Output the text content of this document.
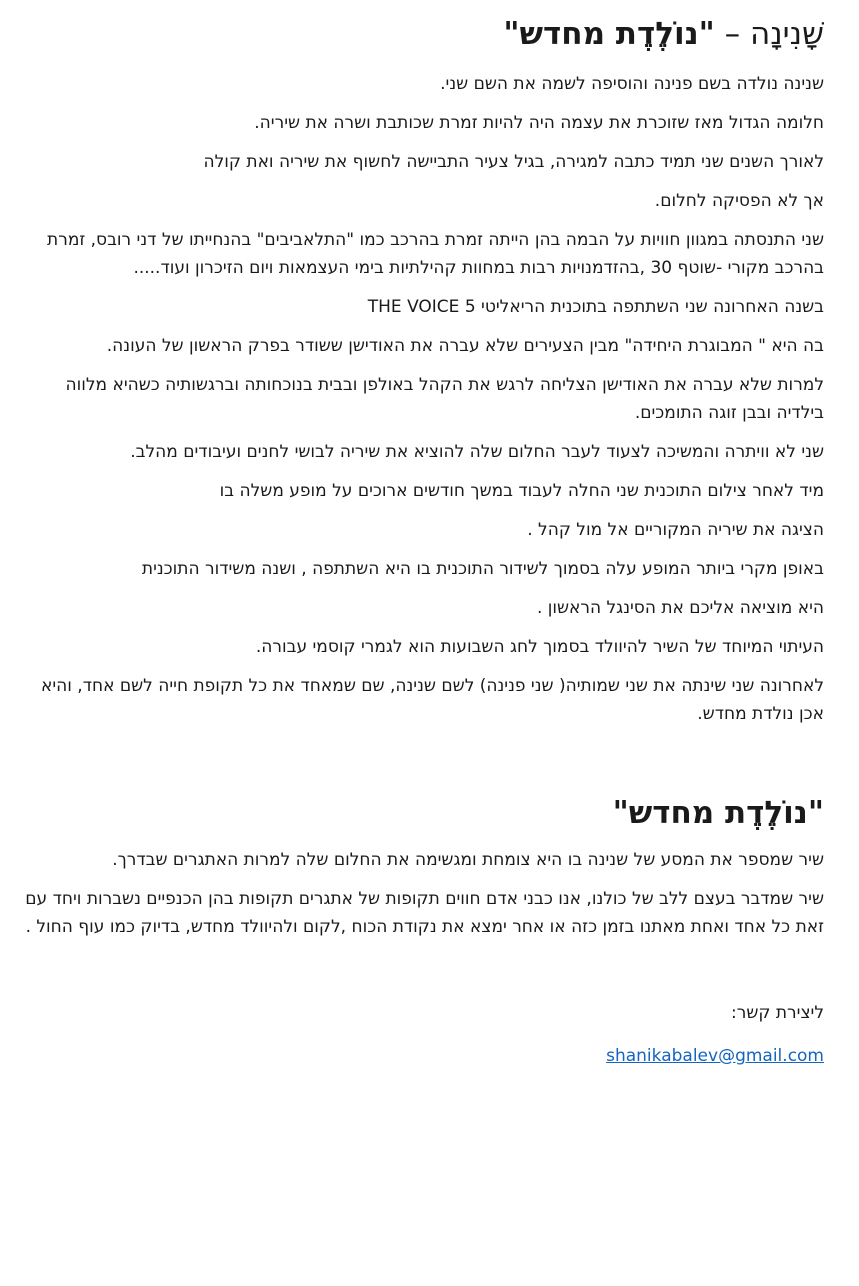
שָׁנִינָה – "נוֹלֶדֶת מחדש"

שנינה נולדה בשם פנינה והוסיפה לשמה את השם שני.

חלומה הגדול מאז שזוכרת את עצמה היה להיות זמרת שכותבת ושרה את שיריה.

לאורך השנים שני תמיד כתבה למגירה, בגיל צעיר התביישה לחשוף את שיריה ואת קולה

אך לא הפסיקה לחלום.

שני התנסתה במגוון חוויות על הבמה בהן הייתה זמרת בהרכב כמו "התלאביבים" בהנחייתו של דני רובס, זמרת בהרכב מקורי -שוטף 30 ,בהזדמנויות רבות במחוות קהילתיות בימי העצמאות ויום הזיכרון ועוד.....

בשנה האחרונה שני השתתפה בתוכנית הריאליטי THE VOICE 5

בה היא " המבוגרת היחידה" מבין הצעירים שלא עברה את האודישן ששודר בפרק הראשון של העונה.

למרות שלא עברה את האודישן הצליחה לרגש את הקהל באולפן ובבית בנוכחותה וברגשותיה כשהיא מלווה בילדיה ובבן זוגה התומכים.

שני לא וויתרה והמשיכה לצעוד לעבר החלום שלה להוציא את שיריה לבושי לחנים ועיבודים מהלב.

מיד לאחר צילום התוכנית שני החלה לעבוד במשך חודשים ארוכים על מופע משלה בו

הציגה את שיריה המקוריים אל מול קהל .

באופן מקרי ביותר המופע עלה בסמוך לשידור התוכנית בו היא השתתפה , ושנה משידור התוכנית

היא מוציאה אליכם את הסינגל הראשון .

העיתוי המיוחד של השיר להיוולד בסמוך לחג השבועות הוא לגמרי קוסמי עבורה.

לאחרונה שני שינתה את שני שמותיה( שני פנינה) לשם שנינה, שם שמאחד את כל תקופת חייה לשם אחד, והיא אכן נולדת מחדש.

"נוֹלֶדֶת מחדש"

שיר שמספר את המסע של שנינה בו היא צומחת ומגשימה את החלום שלה למרות האתגרים שבדרך.

שיר שמדבר בעצם ללב של כולנו, אנו כבני אדם חווים תקופות של אתגרים תקופות בהן הכנפיים נשברות ויחד עם זאת כל אחד ואחת מאתנו בזמן כזה או אחר ימצא את נקודת הכוח ,לקום ולהיוולד מחדש, בדיוק כמו עוף החול .

ליצירת קשר:

shanikabalev@gmail.com
